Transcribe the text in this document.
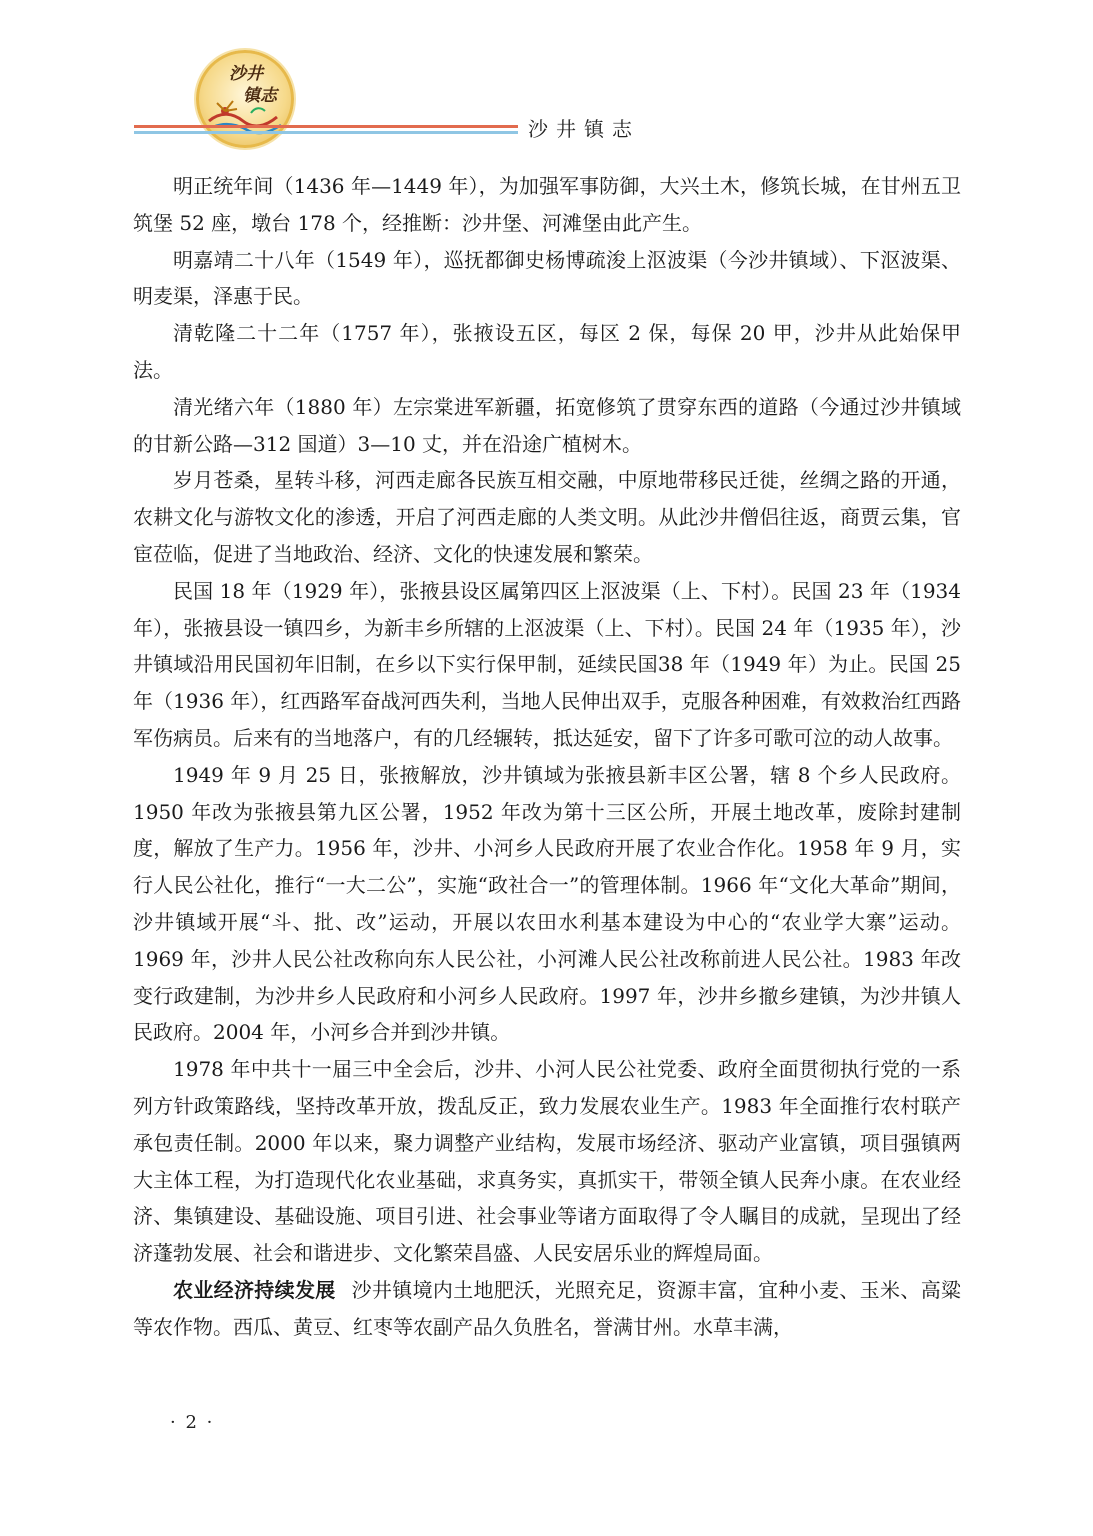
沙井
镇志
沙井镇志

明正统年间（1436 年—1449 年），为加强军事防御，大兴土木，修筑长城，在甘州五卫筑堡 52 座，墩台 178 个，经推断：沙井堡、河滩堡由此产生。

明嘉靖二十八年（1549 年），巡抚都御史杨博疏浚上沤波渠（今沙井镇域）、下沤波渠、明麦渠，泽惠于民。

清乾隆二十二年（1757 年），张掖设五区，每区 2 保，每保 20 甲，沙井从此始保甲法。

清光绪六年（1880 年）左宗棠进军新疆，拓宽修筑了贯穿东西的道路（今通过沙井镇域的甘新公路—312 国道）3—10 丈，并在沿途广植树木。

岁月苍桑，星转斗移，河西走廊各民族互相交融，中原地带移民迁徙，丝绸之路的开通，农耕文化与游牧文化的渗透，开启了河西走廊的人类文明。从此沙井僧侣往返，商贾云集，官宦莅临，促进了当地政治、经济、文化的快速发展和繁荣。

民国 18 年（1929 年），张掖县设区属第四区上沤波渠（上、下村）。民国 23 年（1934 年），张掖县设一镇四乡，为新丰乡所辖的上沤波渠（上、下村）。民国 24 年（1935 年），沙井镇域沿用民国初年旧制，在乡以下实行保甲制，延续民国38 年（1949 年）为止。民国 25 年（1936 年），红西路军奋战河西失利，当地人民伸出双手，克服各种困难，有效救治红西路军伤病员。后来有的当地落户，有的几经辗转，抵达延安，留下了许多可歌可泣的动人故事。

1949 年 9 月 25 日，张掖解放，沙井镇域为张掖县新丰区公署，辖 8 个乡人民政府。1950 年改为张掖县第九区公署，1952 年改为第十三区公所，开展土地改革，废除封建制度，解放了生产力。1956 年，沙井、小河乡人民政府开展了农业合作化。1958 年 9 月，实行人民公社化，推行“一大二公”，实施“政社合一”的管理体制。1966 年“文化大革命”期间，沙井镇域开展“斗、批、改”运动，开展以农田水利基本建设为中心的“农业学大寨”运动。1969 年，沙井人民公社改称向东人民公社，小河滩人民公社改称前进人民公社。1983 年改变行政建制，为沙井乡人民政府和小河乡人民政府。1997 年，沙井乡撤乡建镇，为沙井镇人民政府。2004 年，小河乡合并到沙井镇。

1978 年中共十一届三中全会后，沙井、小河人民公社党委、政府全面贯彻执行党的一系列方针政策路线，坚持改革开放，拨乱反正，致力发展农业生产。1983 年全面推行农村联产承包责任制。2000 年以来，聚力调整产业结构，发展市场经济、驱动产业富镇，项目强镇两大主体工程，为打造现代化农业基础，求真务实，真抓实干，带领全镇人民奔小康。在农业经济、集镇建设、基础设施、项目引进、社会事业等诸方面取得了令人瞩目的成就，呈现出了经济蓬勃发展、社会和谐进步、文化繁荣昌盛、人民安居乐业的辉煌局面。

农业经济持续发展 沙井镇境内土地肥沃，光照充足，资源丰富，宜种小麦、玉米、高粱等农作物。西瓜、黄豆、红枣等农副产品久负胜名，誉满甘州。水草丰满，

· 2 ·
